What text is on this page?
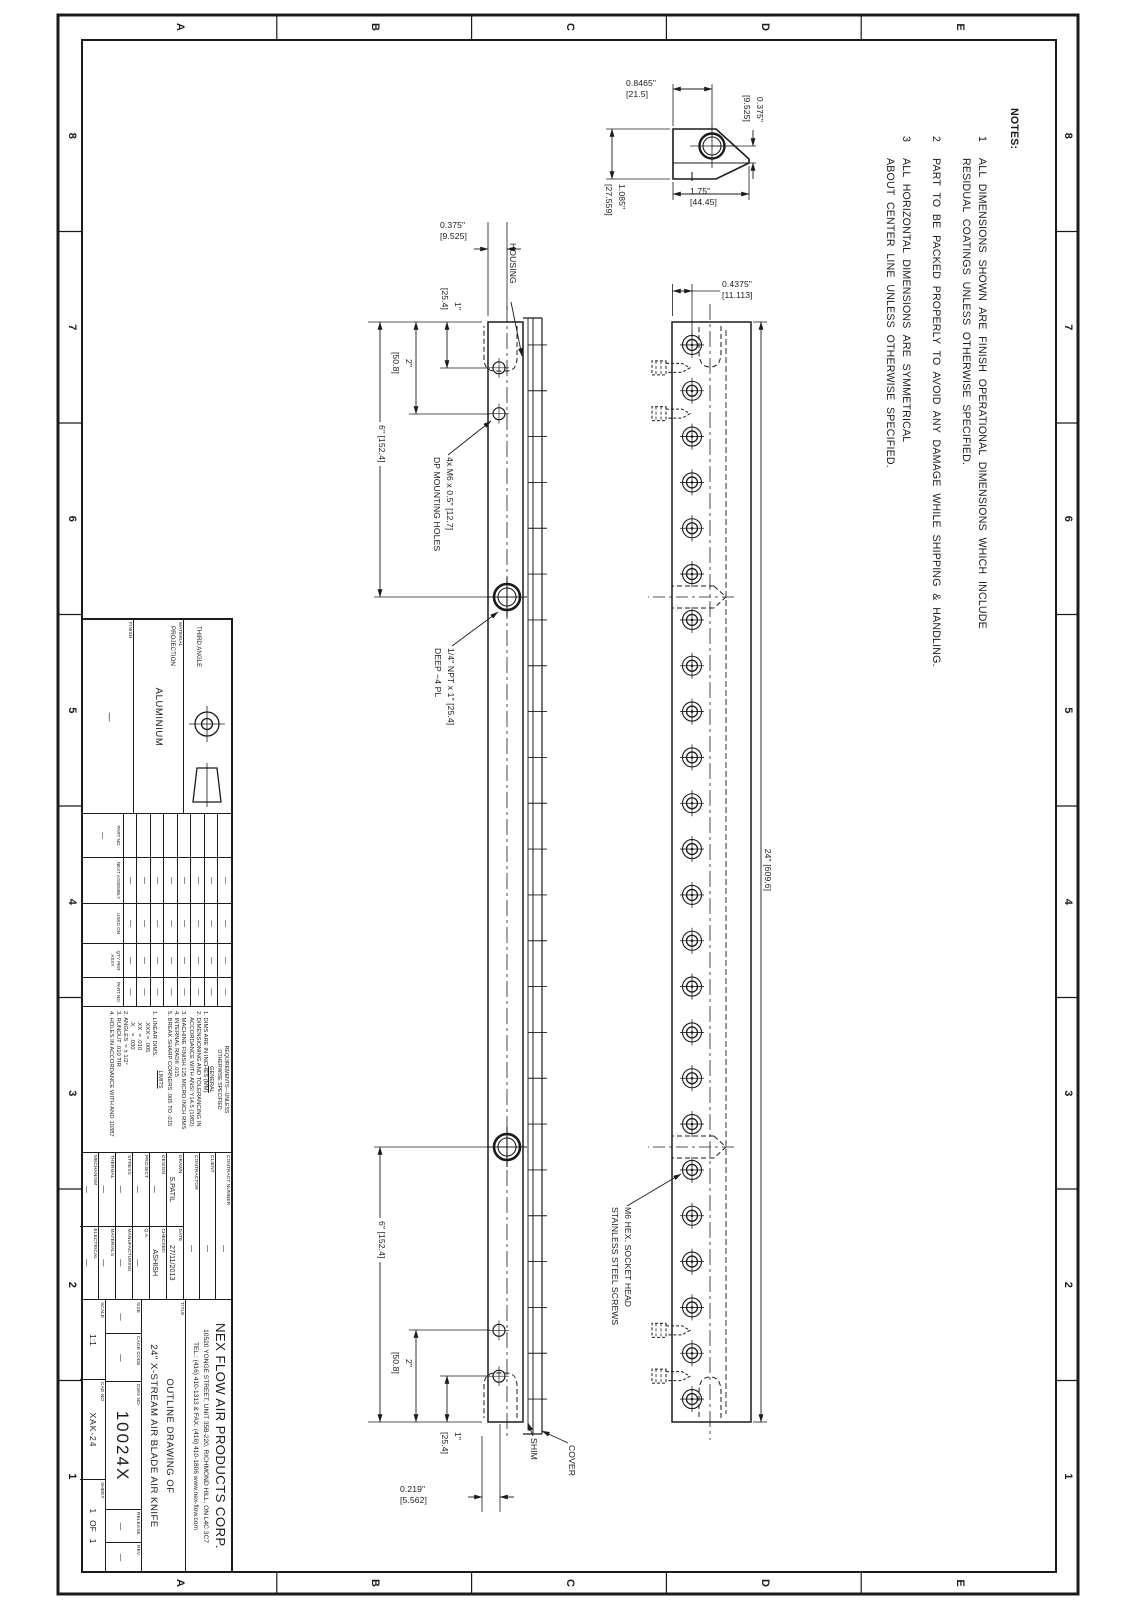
8
8
7
7
6
6
5
5
4
4
3
3
2
2
1
1
E
E
D
D
C
C
B
B
A
A
NOTES:
1
ALL DIMENSIONS SHOWN ARE FINISH OPERATIONAL DIMENSIONS WHICH INCLUDE
RESIDUAL COATINGS UNLESS OTHERWISE SPECIFIED.
2
PART TO BE PACKED PROPERLY TO AVOID ANY DAMAGE WHILE SHIPPING & HANDLING.
3
ALL HORIZONTAL DIMENSIONS ARE SYMMETRICAL
ABOUT CENTER LINE UNLESS OTHERWISE SPECIFIED.
0.375"
[9.525]
0.8465"
[21.5]
1.75"
[44.45]
1.085"
[27.559]
24" [609.6]
0.4375"
[11.113]
M6 HEX. SOCKET HEAD
STAINLESS STEEL SCREWS
HOUSING
SHIM	COVER
1"
[25.4]
1"
[25.4]
2"
[50.8]
2"
[50.8]
6" [152.4]
6" [152.4]
0.375"
[9.525]
0.219"
[5.562]
4x M6 x 0.5" [12.7]
DP MOUNTING HOLES
1/4" NPT x 1" [25.4]
DEEP −4 PL

THIRD ANGLE

PROJECTION

MATERIAL
ALUMINIUM
FINISH
—
PART NO
—
—
—
—
—
—
—
—
—
NEXT ASSEMBLY
—
—
—
—
—
—
—
—
USED ON
—
—
—
—
—
—
—
—
QTY PER ASSY
—
—
—
—
—
—
—
—
PART NO
REQUIREMENTS—UNLESS
OTHERWISE SPECIFIED
GENERAL
1. DIMS ARE IN INCHES (MM)
2. DIMENSIONING AND TOLERANCING IN
ACCORDANCE WITH ANSI Y14.5 (1982)
3. MACHINE FINISH 125 MICRO INCH RMS
4. INTERNAL RADII .015
5. BREAK SHARP CORNERS .005 TO .015
LIMITS
1. LINEAR DIMS.
.XXX = .005
.XX  = .010
.X    = .030
2. ANGLES  = ± 1/2°
3. RUNOUT .010 TIR
4. HOLES IN ACCORDANCE WITH AND 10387
CONTRACT NUMBER
—
CLIENT
—
CONTRACTOR
—
DRAWN
S.PATIL
DATE
27/11/2013
DESIGN
—
CHECKED
ASHISH
PROJECT
—
Q.A.
—
STRESS
—
MANUFACTURING
—
THERMAL
—
MATERIALS
—
MECHANISM
—
ELECTRICAL
—
NEX FLOW AIR PRODUCTS CORP.
10520 YONGE STREET, UNIT 35B-220, RICHMOND HILL, ON L4C 3C7
TEL.: (416) 410-1313 & FAX: (416) 410-1806 www.nex-flow.com
TITLE
OUTLINE DRAWING OF
24" X-STREAM AIR BLADE AIR KNIFE
SIZE
—
CAGE CODE
—
DWG NO
10024X
RELEASE
—
REV
—
SCALE
1:1
CAD NO
XAK-24
SHEET
1   OF   1
